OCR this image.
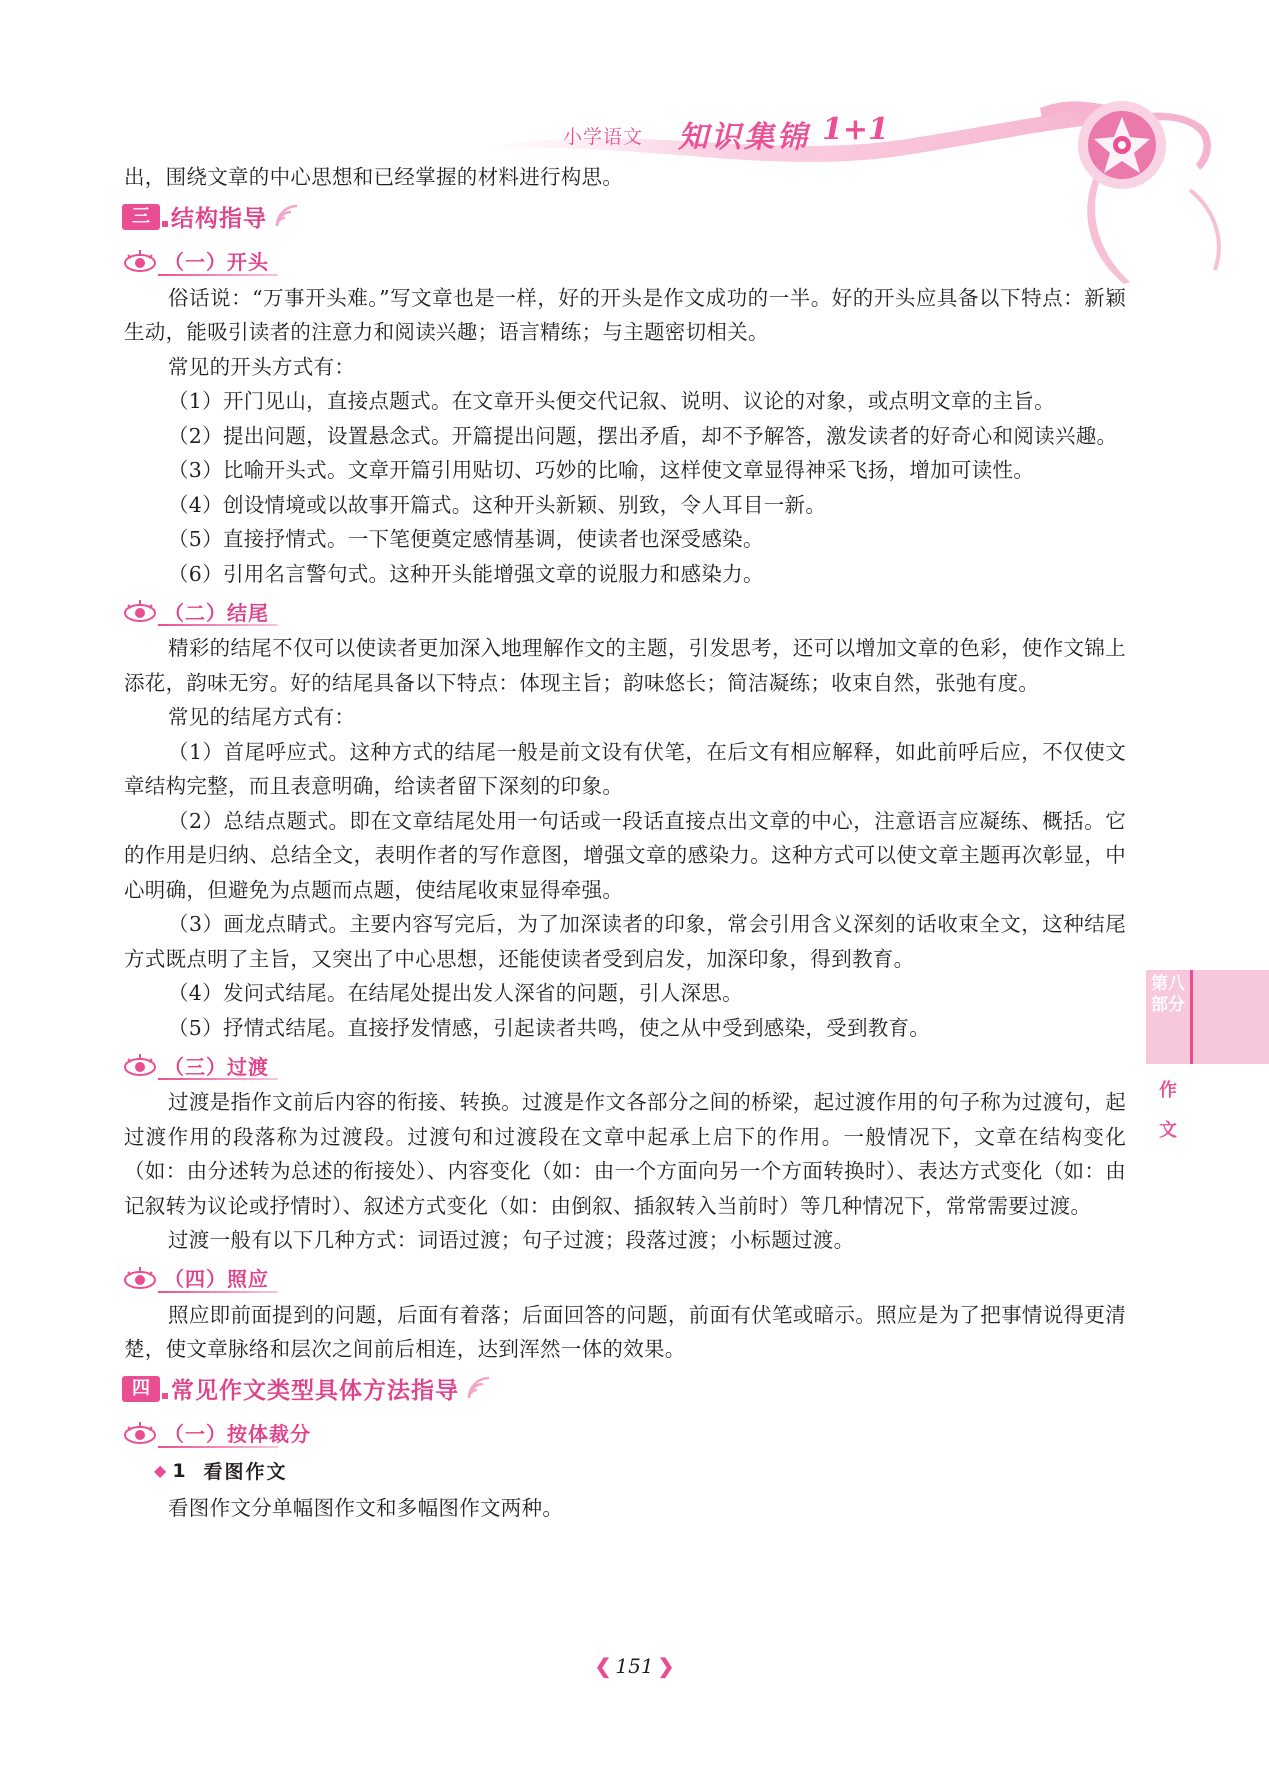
小学语文 知识集锦 1+1

出，围绕文章的中心思想和已经掌握的材料进行构思。

三 结构指导
（一）开头

俗话说：“万事开头难。”写文章也是一样，好的开头是作文成功的一半。好的开头应具备以下特点：新颖生动，能吸引读者的注意力和阅读兴趣；语言精练；与主题密切相关。

常见的开头方式有：

（1）开门见山，直接点题式。在文章开头便交代记叙、说明、议论的对象，或点明文章的主旨。

（2）提出问题，设置悬念式。开篇提出问题，摆出矛盾，却不予解答，激发读者的好奇心和阅读兴趣。

（3）比喻开头式。文章开篇引用贴切、巧妙的比喻，这样使文章显得神采飞扬，增加可读性。

（4）创设情境或以故事开篇式。这种开头新颖、别致，令人耳目一新。

（5）直接抒情式。一下笔便奠定感情基调，使读者也深受感染。

（6）引用名言警句式。这种开头能增强文章的说服力和感染力。

（二）结尾

精彩的结尾不仅可以使读者更加深入地理解作文的主题，引发思考，还可以增加文章的色彩，使作文锦上添花，韵味无穷。好的结尾具备以下特点：体现主旨；韵味悠长；简洁凝练；收束自然，张弛有度。

常见的结尾方式有：

（1）首尾呼应式。这种方式的结尾一般是前文设有伏笔，在后文有相应解释，如此前呼后应，不仅使文章结构完整，而且表意明确，给读者留下深刻的印象。

（2）总结点题式。即在文章结尾处用一句话或一段话直接点出文章的中心，注意语言应凝练、概括。它的作用是归纳、总结全文，表明作者的写作意图，增强文章的感染力。这种方式可以使文章主题再次彰显，中心明确，但避免为点题而点题，使结尾收束显得牵强。

（3）画龙点睛式。主要内容写完后，为了加深读者的印象，常会引用含义深刻的话收束全文，这种结尾方式既点明了主旨，又突出了中心思想，还能使读者受到启发，加深印象，得到教育。

（4）发问式结尾。在结尾处提出发人深省的问题，引人深思。

（5）抒情式结尾。直接抒发情感，引起读者共鸣，使之从中受到感染，受到教育。

（三）过渡

过渡是指作文前后内容的衔接、转换。过渡是作文各部分之间的桥梁，起过渡作用的句子称为过渡句，起过渡作用的段落称为过渡段。过渡句和过渡段在文章中起承上启下的作用。一般情况下，文章在结构变化（如：由分述转为总述的衔接处）、内容变化（如：由一个方面向另一个方面转换时）、表达方式变化（如：由记叙转为议论或抒情时）、叙述方式变化（如：由倒叙、插叙转入当前时）等几种情况下，常常需要过渡。

过渡一般有以下几种方式：词语过渡；句子过渡；段落过渡；小标题过渡。

（四）照应

照应即前面提到的问题，后面有着落；后面回答的问题，前面有伏笔或暗示。照应是为了把事情说得更清楚，使文章脉络和层次之间前后相连，达到浑然一体的效果。

四 常见作文类型具体方法指导
（一）按体裁分
◆ 1 看图作文

看图作文分单幅图作文和多幅图作文两种。

第八部分
作
文
❮ 151 ❯
